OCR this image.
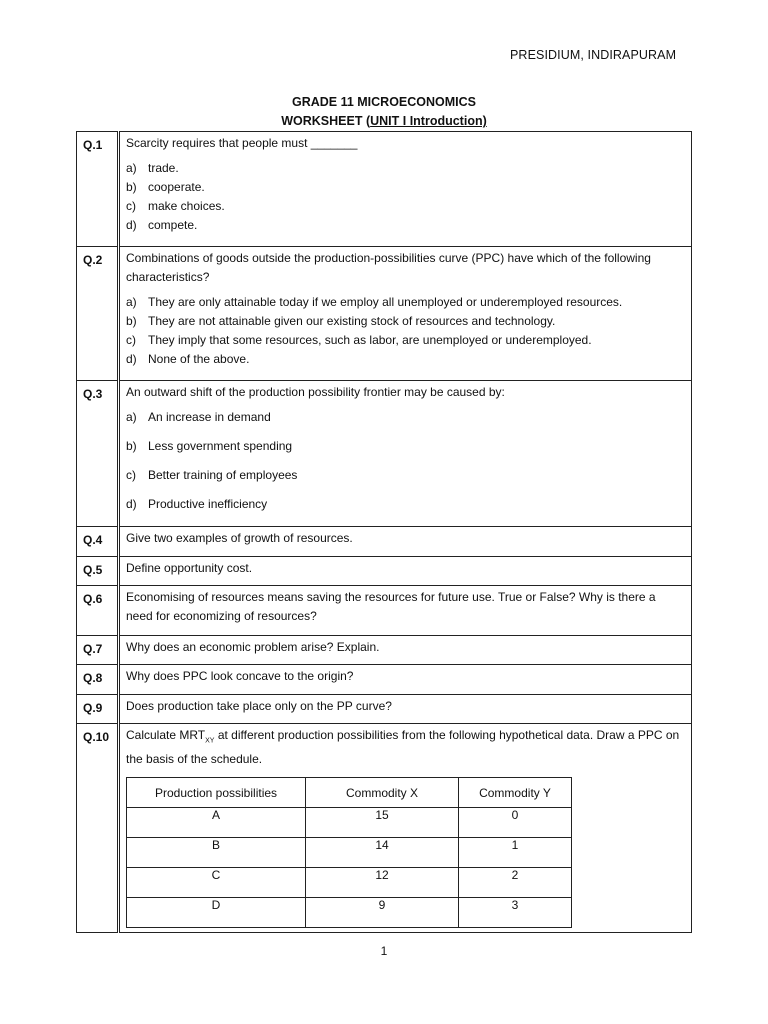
PRESIDIUM, INDIRAPURAM
GRADE 11 MICROECONOMICS
WORKSHEET (UNIT I Introduction)
Q.1	Scarcity requires that people must _______
a) trade.
b) cooperate.
c)	make choices.
d) compete.

Q.2	Combinations of goods outside the production-possibilities curve (PPC) have which of the following characteristics?
a) They are only attainable today if we employ all unemployed or underemployed resources.
b) They are not attainable given our existing stock of resources and technology.
c)	They imply that some resources, such as labor, are unemployed or underemployed.
d) None of the above.

Q.3	An outward shift of the production possibility frontier may be caused by:
a) An increase in demand
b) Less government spending
c)	Better training of employees
d) Productive inefficiency

Q.4	Give two examples of growth of resources.

Q.5	Define opportunity cost.

Q.6	Economising of resources means saving the resources for future use. True or False? Why is there a need for economizing of resources?

Q.7	Why does an economic problem arise? Explain.

Q.8	Why does PPC look concave to the origin?

Q.9	Does production take place only on the PP curve?

Q.10	Calculate $MRT_{XY}$ at different production possibilities from the following hypothetical data. Draw a PPC on the basis of the schedule.
Production possibilities	Commodity X	Commodity Y
A	15	0
B	14	1
C	12	2
D	9	3
1
